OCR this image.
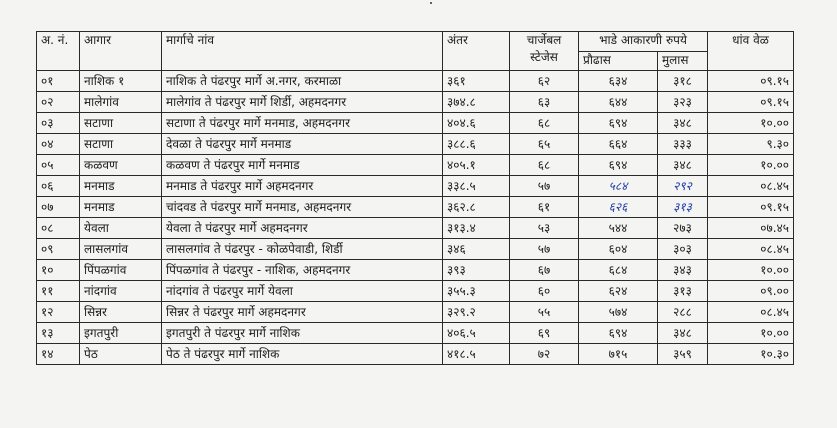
अ. नं.	आगार	मार्गाचे नांव	अंतर	चार्जेबल स्टेजेस	भाडे आकारणी रुपये		धांव वेळ
					प्रौढास	मुलास	
०१	नाशिक १	नाशिक ते पंढरपुर मार्गे अ.नगर, करमाळा	३६१	६२	६३४	३१८	०९.१५
०२	मालेगांव	मालेगांव ते पंढरपुर मार्गे शिर्डी, अहमदनगर	३७४.८	६३	६४४	३२३	०९.१५
०३	सटाणा	सटाणा ते पंढरपुर मार्गे मनमाड, अहमदनगर	४०४.६	६८	६९४	३४८	१०.००
०४	सटाणा	देवळा ते पंढरपुर मार्गे मनमाड	३८८.६	६५	६६४	३३३	९.३०
०५	कळवण	कळवण ते पंढरपुर मार्गे मनमाड	४०५.१	६८	६९४	३४८	१०.००
०६	मनमाड	मनमाड ते पंढरपुर मार्गे अहमदनगर	३३८.५	५७	५८४	२९२	०८.४५
०७	मनमाड	चांदवड ते पंढरपुर मार्गे मनमाड, अहमदनगर	३६२.८	६१	६२६	३१३	०९.१५
०८	येवला	येवला ते पंढरपुर मार्गे अहमदनगर	३१३.४	५३	५४४	२७३	०७.४५
०९	लासलगांव	लासलगांव ते पंढरपुर - कोळपेवाडी, शिर्डी	३४६	५७	६०४	३०३	०८.४५
१०	पिंपळगांव	पिंपळगांव ते पंढरपुर - नाशिक, अहमदनगर	३९३	६७	६८४	३४३	१०.००
११	नांदगांव	नांदगांव ते पंढरपुर मार्गे येवला	३५५.३	६०	६२४	३१३	०९.००
१२	सिन्नर	सिन्नर ते पंढरपुर मार्गे अहमदनगर	३२९.२	५५	५७४	२८८	०८.४५
१३	इगतपुरी	इगतपुरी ते पंढरपुर मार्गे नाशिक	४०६.५	६९	६९४	३४८	१०.००
१४	पेठ	पेठ ते पंढरपुर मार्गे नाशिक	४१८.५	७२	७१५	३५९	१०.३०
